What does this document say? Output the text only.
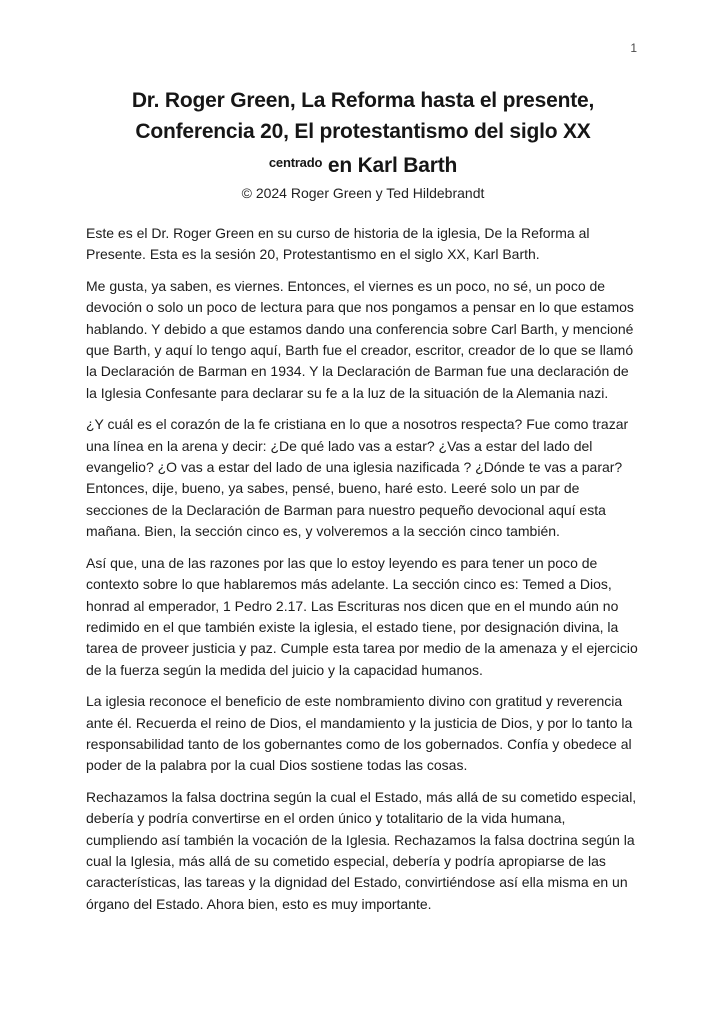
1
Dr. Roger Green, La Reforma hasta el presente,
Conferencia 20, El protestantismo del siglo XX
$^{centrado}$ en Karl Barth
© 2024 Roger Green y Ted Hildebrandt

Este es el Dr. Roger Green en su curso de historia de la iglesia, De la Reforma al Presente. Esta es la sesión 20, Protestantismo en el siglo XX, Karl Barth.

Me gusta, ya saben, es viernes. Entonces, el viernes es un poco, no sé, un poco de devoción o solo un poco de lectura para que nos pongamos a pensar en lo que estamos hablando. Y debido a que estamos dando una conferencia sobre Carl Barth, y mencioné que Barth, y aquí lo tengo aquí, Barth fue el creador, escritor, creador de lo que se llamó la Declaración de Barman en 1934. Y la Declaración de Barman fue una declaración de la Iglesia Confesante para declarar su fe a la luz de la situación de la Alemania nazi.

¿Y cuál es el corazón de la fe cristiana en lo que a nosotros respecta? Fue como trazar una línea en la arena y decir: ¿De qué lado vas a estar? ¿Vas a estar del lado del evangelio? ¿O vas a estar del lado de una iglesia nazificada ? ¿Dónde te vas a parar? Entonces, dije, bueno, ya sabes, pensé, bueno, haré esto. Leeré solo un par de secciones de la Declaración de Barman para nuestro pequeño devocional aquí esta mañana. Bien, la sección cinco es, y volveremos a la sección cinco también.

Así que, una de las razones por las que lo estoy leyendo es para tener un poco de contexto sobre lo que hablaremos más adelante. La sección cinco es: Temed a Dios, honrad al emperador, 1 Pedro 2.17. Las Escrituras nos dicen que en el mundo aún no redimido en el que también existe la iglesia, el estado tiene, por designación divina, la tarea de proveer justicia y paz. Cumple esta tarea por medio de la amenaza y el ejercicio de la fuerza según la medida del juicio y la capacidad humanos.

La iglesia reconoce el beneficio de este nombramiento divino con gratitud y reverencia ante él. Recuerda el reino de Dios, el mandamiento y la justicia de Dios, y por lo tanto la responsabilidad tanto de los gobernantes como de los gobernados. Confía y obedece al poder de la palabra por la cual Dios sostiene todas las cosas.

Rechazamos la falsa doctrina según la cual el Estado, más allá de su cometido especial, debería y podría convertirse en el orden único y totalitario de la vida humana, cumpliendo así también la vocación de la Iglesia. Rechazamos la falsa doctrina según la cual la Iglesia, más allá de su cometido especial, debería y podría apropiarse de las características, las tareas y la dignidad del Estado, convirtiéndose así ella misma en un órgano del Estado. Ahora bien, esto es muy importante.
